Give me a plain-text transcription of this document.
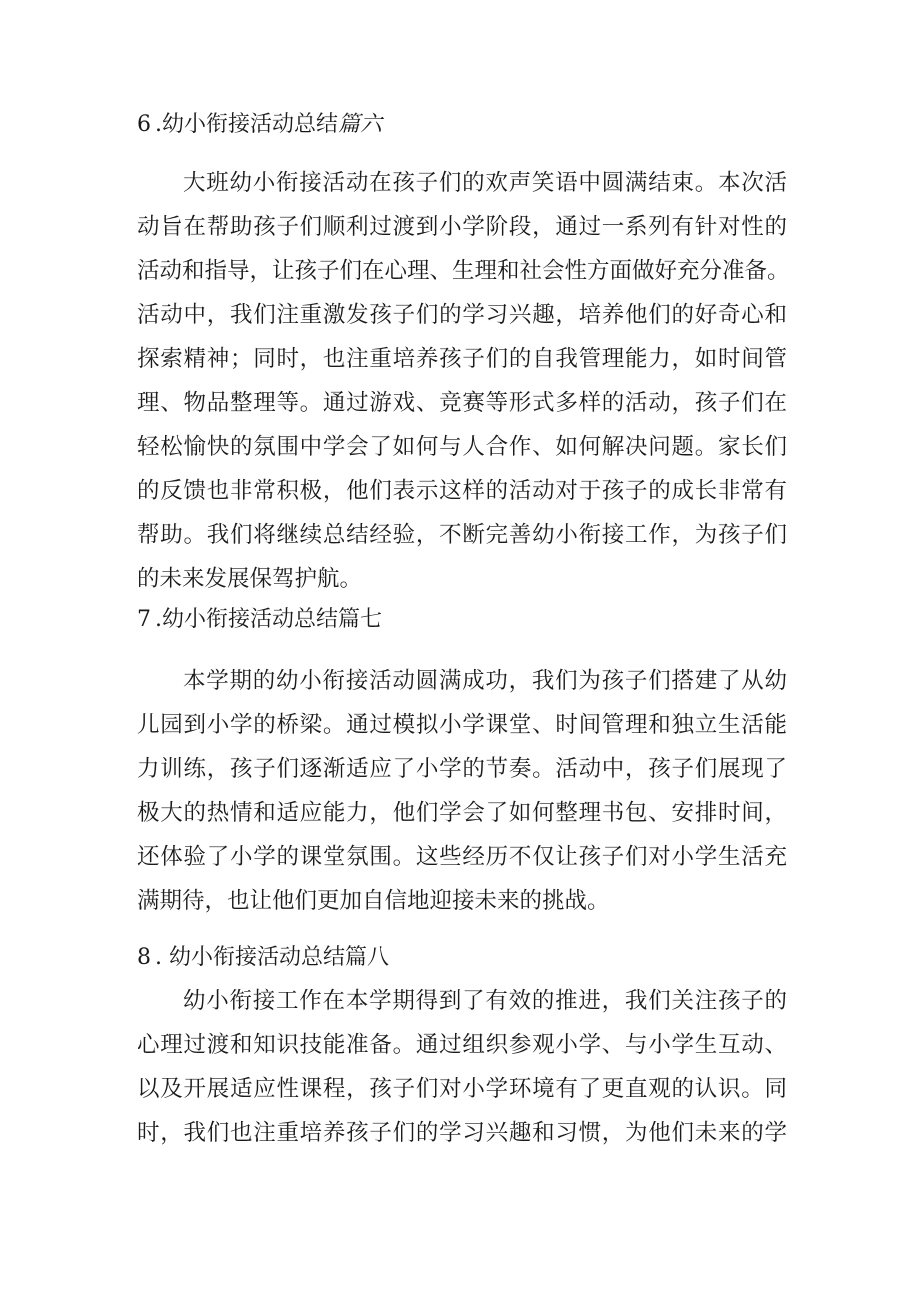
6 .幼小衔接活动总结篇六
大班幼小衔接活动在孩子们的欢声笑语中圆满结束。本次活
动旨在帮助孩子们顺利过渡到小学阶段，通过一系列有针对性的
活动和指导，让孩子们在心理、生理和社会性方面做好充分准备。
活动中，我们注重激发孩子们的学习兴趣，培养他们的好奇心和
探索精神；同时，也注重培养孩子们的自我管理能力，如时间管
理、物品整理等。通过游戏、竞赛等形式多样的活动，孩子们在
轻松愉快的氛围中学会了如何与人合作、如何解决问题。家长们
的反馈也非常积极，他们表示这样的活动对于孩子的成长非常有
帮助。我们将继续总结经验，不断完善幼小衔接工作，为孩子们
的未来发展保驾护航。
7 .幼小衔接活动总结篇七
本学期的幼小衔接活动圆满成功，我们为孩子们搭建了从幼
儿园到小学的桥梁。通过模拟小学课堂、时间管理和独立生活能
力训练，孩子们逐渐适应了小学的节奏。活动中，孩子们展现了
极大的热情和适应能力，他们学会了如何整理书包、安排时间，
还体验了小学的课堂氛围。这些经历不仅让孩子们对小学生活充
满期待，也让他们更加自信地迎接未来的挑战。
8 . 幼小衔接活动总结篇八
幼小衔接工作在本学期得到了有效的推进，我们关注孩子的
心理过渡和知识技能准备。通过组织参观小学、与小学生互动、
以及开展适应性课程，孩子们对小学环境有了更直观的认识。同
时，我们也注重培养孩子们的学习兴趣和习惯，为他们未来的学
